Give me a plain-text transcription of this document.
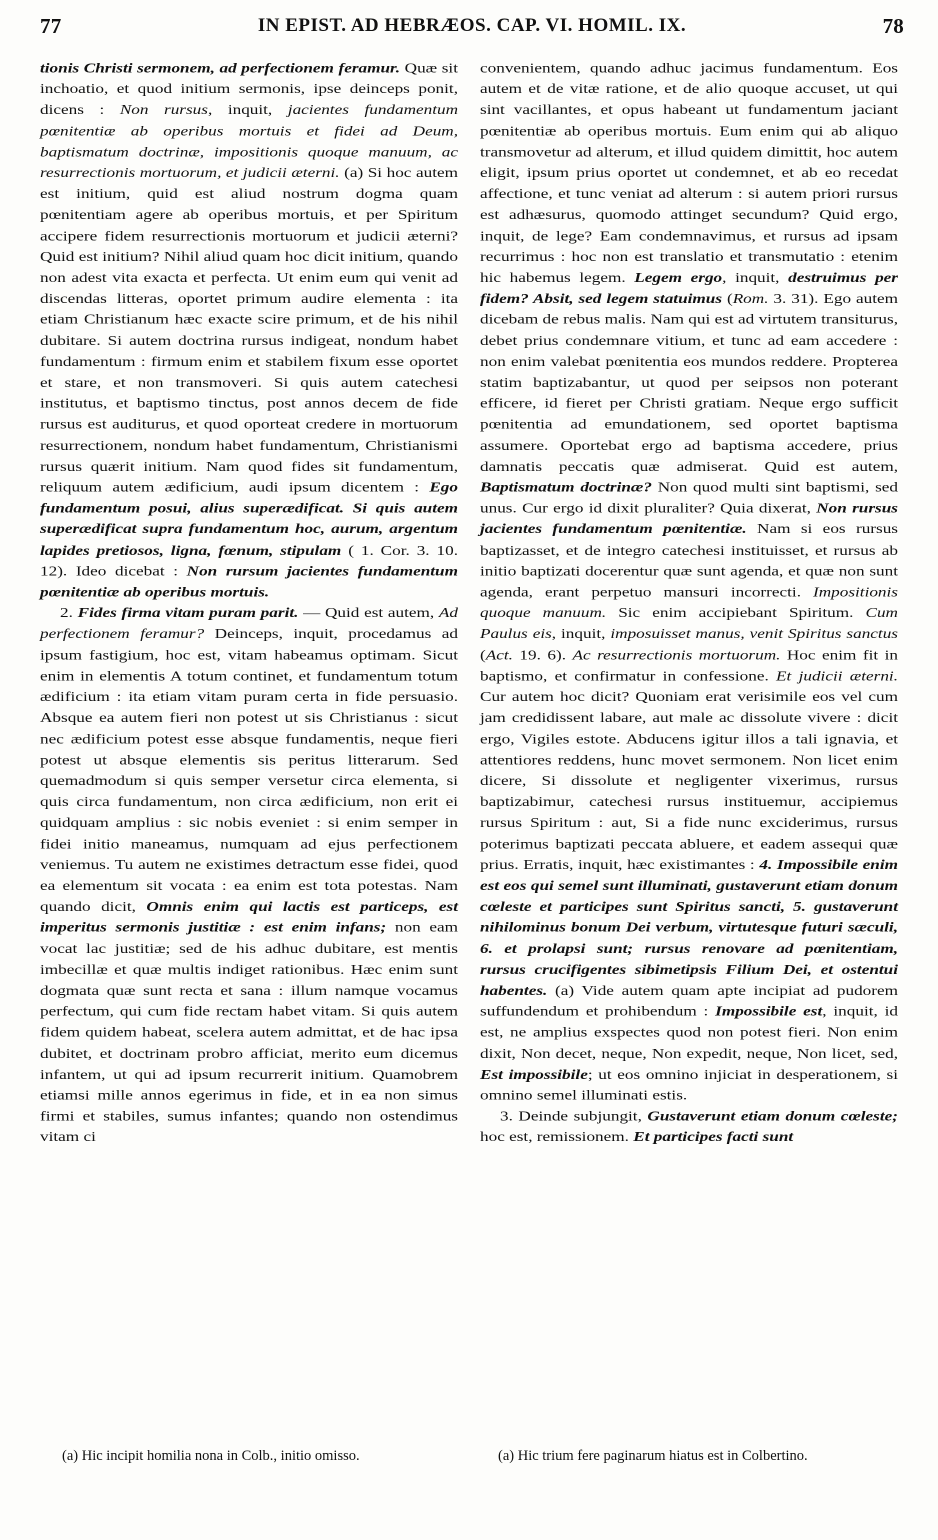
77	IN EPIST. AD HEBRÆOS. CAP. VI. HOMIL. IX.	78

tionis Christi sermonem, ad perfectionem feramur. Quæ sit inchoatio, et quod initium sermonis, ipse deinceps ponit, dicens : Non rursus, inquit, jacientes fundamentum pœnitentiæ ab operibus mortuis et fidei ad Deum, baptismatum doctrinæ, impositionis quoque manuum, ac resurrectionis mortuorum, et judicii æterni. (a) Si hoc autem est initium, quid est aliud nostrum dogma quam pœnitentiam agere ab operibus mortuis, et per Spiritum accipere fidem resurrectionis mortuorum et judicii æterni? Quid est initium? Nihil aliud quam hoc dicit initium, quando non adest vita exacta et perfecta. Ut enim eum qui venit ad discendas litteras, oportet primum audire elementa : ita etiam Christianum hæc exacte scire primum, et de his nihil dubitare. Si autem doctrina rursus indigeat, nondum habet fundamentum : firmum enim et stabilem fixum esse oportet et stare, et non transmoveri. Si quis autem catechesi institutus, et baptismo tinctus, post annos decem de fide rursus est auditurus, et quod oporteat credere in mortuorum resurrectionem, nondum habet fundamentum, Christianismi rursus quærit initium. Nam quod fides sit fundamentum, reliquum autem ædificium, audi ipsum dicentem : Ego fundamentum posui, alius superædificat. Si quis autem superædificat supra fundamentum hoc, aurum, argentum lapides pretiosos, ligna, fœnum, stipulam ( 1. Cor. 3. 10. 12). Ideo dicebat : Non rursum jacientes fundamentum pœnitentiæ ab operibus mortuis.

2. Fides firma vitam puram parit. — Quid est autem, Ad perfectionem feramur? Deinceps, inquit, procedamus ad ipsum fastigium, hoc est, vitam habeamus optimam. Sicut enim in elementis A totum continet, et fundamentum totum ædificium : ita etiam vitam puram certa in fide persuasio. Absque ea autem fieri non potest ut sis Christianus : sicut nec ædificium potest esse absque fundamentis, neque fieri potest ut absque elementis sis peritus litterarum. Sed quemadmodum si quis semper versetur circa elementa, si quis circa fundamentum, non circa ædificium, non erit ei quidquam amplius : sic nobis eveniet : si enim semper in fidei initio maneamus, numquam ad ejus perfectionem veniemus. Tu autem ne existimes detractum esse fidei, quod ea elementum sit vocata : ea enim est tota potestas. Nam quando dicit, Omnis enim qui lactis est particeps, est imperitus sermonis justitiæ : est enim infans; non eam vocat lac justitiæ; sed de his adhuc dubitare, est mentis imbecillæ et quæ multis indiget rationibus. Hæc enim sunt dogmata quæ sunt recta et sana : illum namque vocamus perfectum, qui cum fide rectam habet vitam. Si quis autem fidem quidem habeat, scelera autem admittat, et de hac ipsa dubitet, et doctrinam probro afficiat, merito eum dicemus infantem, ut qui ad ipsum recurrerit initium. Quamobrem etiamsi mille annos egerimus in fide, et in ea non simus firmi et stabiles, sumus infantes; quando non ostendimus vitam ci

convenientem, quando adhuc jacimus fundamentum. Eos autem et de vitæ ratione, et de alio quoque accuset, ut qui sint vacillantes, et opus habeant ut fundamentum jaciant pœnitentiæ ab operibus mortuis. Eum enim qui ab aliquo transmovetur ad alterum, et illud quidem dimittit, hoc autem eligit, ipsum prius oportet ut condemnet, et ab eo recedat affectione, et tunc veniat ad alterum : si autem priori rursus est adhæsurus, quomodo attinget secundum? Quid ergo, inquit, de lege? Eam condemnavimus, et rursus ad ipsam recurrimus : hoc non est translatio et transmutatio : etenim hic habemus legem. Legem ergo, inquit, destruimus per fidem? Absit, sed legem statuimus (Rom. 3. 31). Ego autem dicebam de rebus malis. Nam qui est ad virtutem transiturus, debet prius condemnare vitium, et tunc ad eam accedere : non enim valebat pœnitentia eos mundos reddere. Propterea statim baptizabantur, ut quod per seipsos non poterant efficere, id fieret per Christi gratiam. Neque ergo sufficit pœnitentia ad emundationem, sed oportet baptisma assumere. Oportebat ergo ad baptisma accedere, prius damnatis peccatis quæ admiserat. Quid est autem, Baptismatum doctrinæ? Non quod multi sint baptismi, sed unus. Cur ergo id dixit pluraliter? Quia dixerat, Non rursus jacientes fundamentum pœnitentiæ. Nam si eos rursus baptizasset, et de integro catechesi instituisset, et rursus ab initio baptizati docerentur quæ sunt agenda, et quæ non sunt agenda, erant perpetuo mansuri incorrecti. Impositionis quoque manuum. Sic enim accipiebant Spiritum. Cum Paulus eis, inquit, imposuisset manus, venit Spiritus sanctus (Act. 19. 6). Ac resurrectionis mortuorum. Hoc enim fit in baptismo, et confirmatur in confessione. Et judicii æterni. Cur autem hoc dicit? Quoniam erat verisimile eos vel cum jam credidissent labare, aut male ac dissolute vivere : dicit ergo, Vigiles estote. Abducens igitur illos a tali ignavia, et attentiores reddens, hunc movet sermonem. Non licet enim dicere, Si dissolute et negligenter vixerimus, rursus baptizabimur, catechesi rursus instituemur, accipiemus rursus Spiritum : aut, Si a fide nunc exciderimus, rursus poterimus baptizati peccata abluere, et eadem assequi quæ prius. Erratis, inquit, hæc existimantes : 4. Impossibile enim est eos qui semel sunt illuminati, gustaverunt etiam donum cœleste et participes sunt Spiritus sancti, 5. gustaverunt nihilominus bonum Dei verbum, virtutesque futuri sæculi, 6. et prolapsi sunt; rursus renovare ad pœnitentiam, rursus crucifigentes sibimetipsis Filium Dei, et ostentui habentes. (a) Vide autem quam apte incipiat ad pudorem suffundendum et prohibendum : Impossibile est, inquit, id est, ne amplius exspectes quod non potest fieri. Non enim dixit, Non decet, neque, Non expedit, neque, Non licet, sed, Est impossibile; ut eos omnino injiciat in desperationem, si omnino semel illuminati estis.

3. Deinde subjungit, Gustaverunt etiam donum cœleste; hoc est, remissionem. Et participes facti sunt

(a) Hic incipit homilia nona in Colb., initio omisso.	(a) Hic trium fere paginarum hiatus est in Colbertino.
